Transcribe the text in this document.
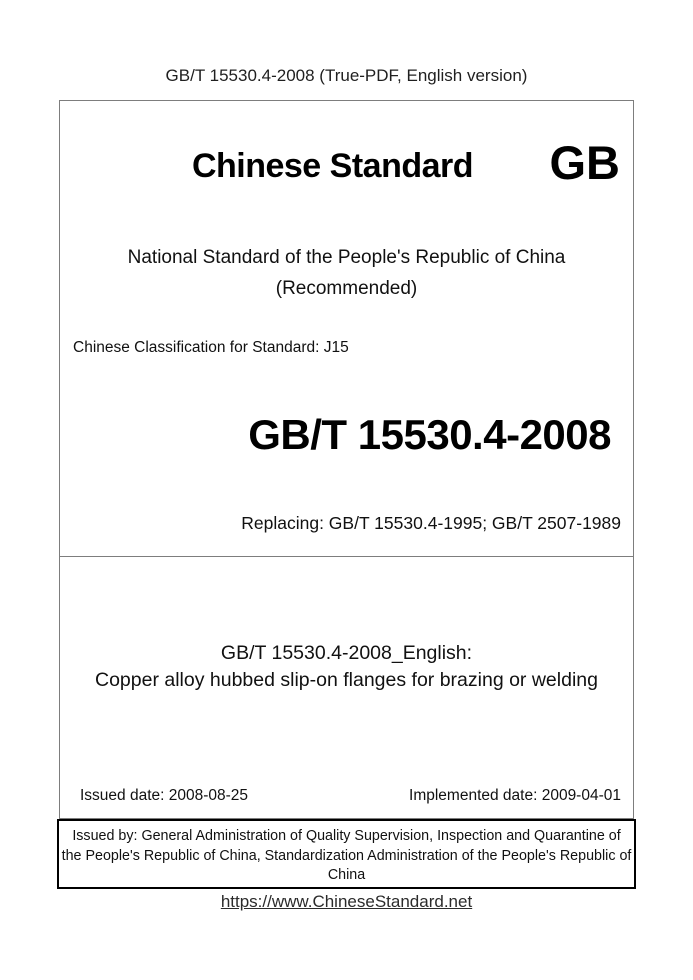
GB/T 15530.4-2008 (True-PDF, English version)
Chinese Standard	GB
National Standard of the People's Republic of China
(Recommended)
Chinese Classification for Standard: J15
GB/T 15530.4-2008
Replacing: GB/T 15530.4-1995; GB/T 2507-1989
GB/T 15530.4-2008_English:
Copper alloy hubbed slip-on flanges for brazing or welding
Issued date: 2008-08-25	Implemented date: 2009-04-01
Issued by: General Administration of Quality Supervision, Inspection and Quarantine of
the People's Republic of China, Standardization Administration of the People's Republic of
China
https://www.ChineseStandard.net
